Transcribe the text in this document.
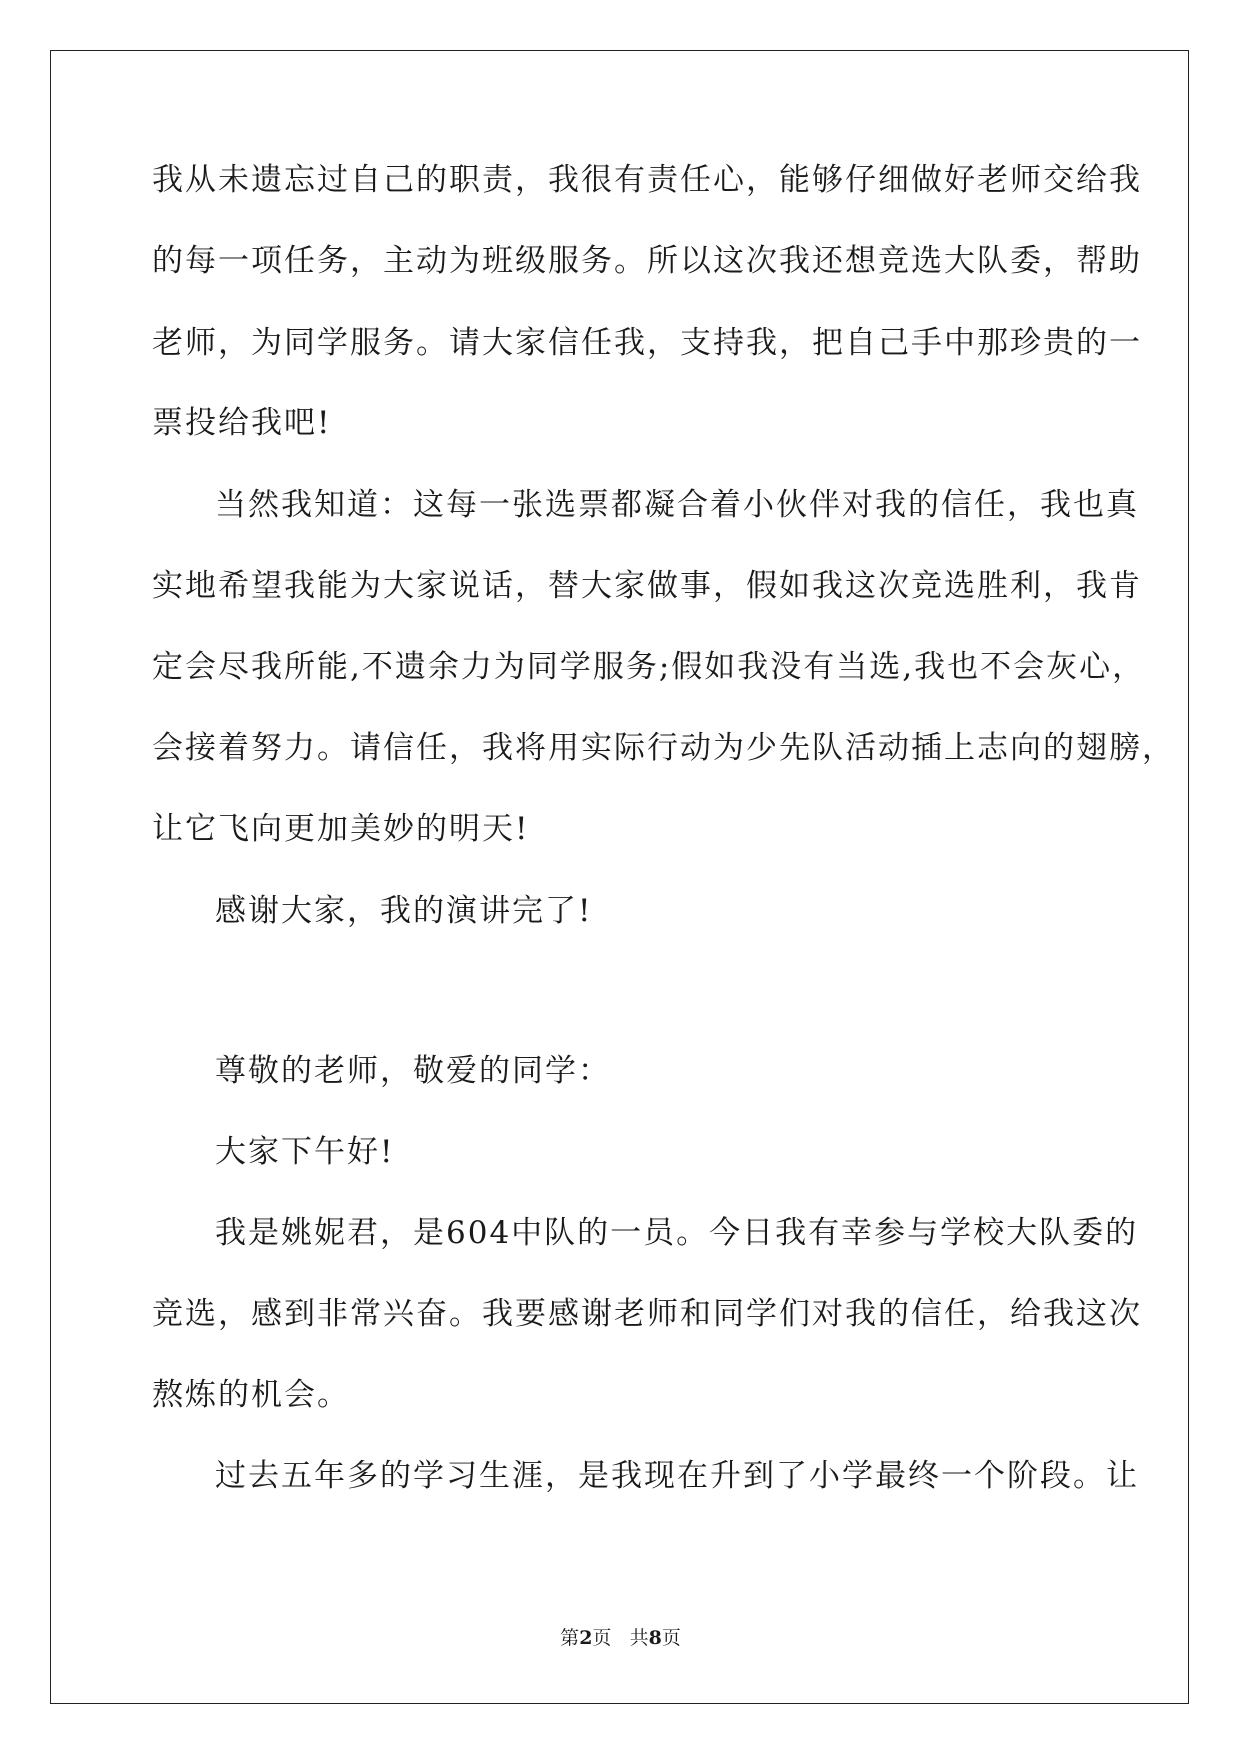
我从未遗忘过自己的职责，我很有责任心，能够仔细做好老师交给我
的每一项任务，主动为班级服务。所以这次我还想竞选大队委，帮助
老师，为同学服务。请大家信任我，支持我，把自己手中那珍贵的一
票投给我吧!
当然我知道：这每一张选票都凝合着小伙伴对我的信任，我也真
实地希望我能为大家说话，替大家做事，假如我这次竞选胜利，我肯
定会尽我所能,不遗余力为同学服务;假如我没有当选,我也不会灰心，
会接着努力。请信任，我将用实际行动为少先队活动插上志向的翅膀，
让它飞向更加美妙的明天!
感谢大家，我的演讲完了!
尊敬的老师，敬爱的同学：
大家下午好!
我是姚妮君，是604中队的一员。今日我有幸参与学校大队委的
竞选，感到非常兴奋。我要感谢老师和同学们对我的信任，给我这次
熬炼的机会。
过去五年多的学习生涯，是我现在升到了小学最终一个阶段。让
第2页 共8页
